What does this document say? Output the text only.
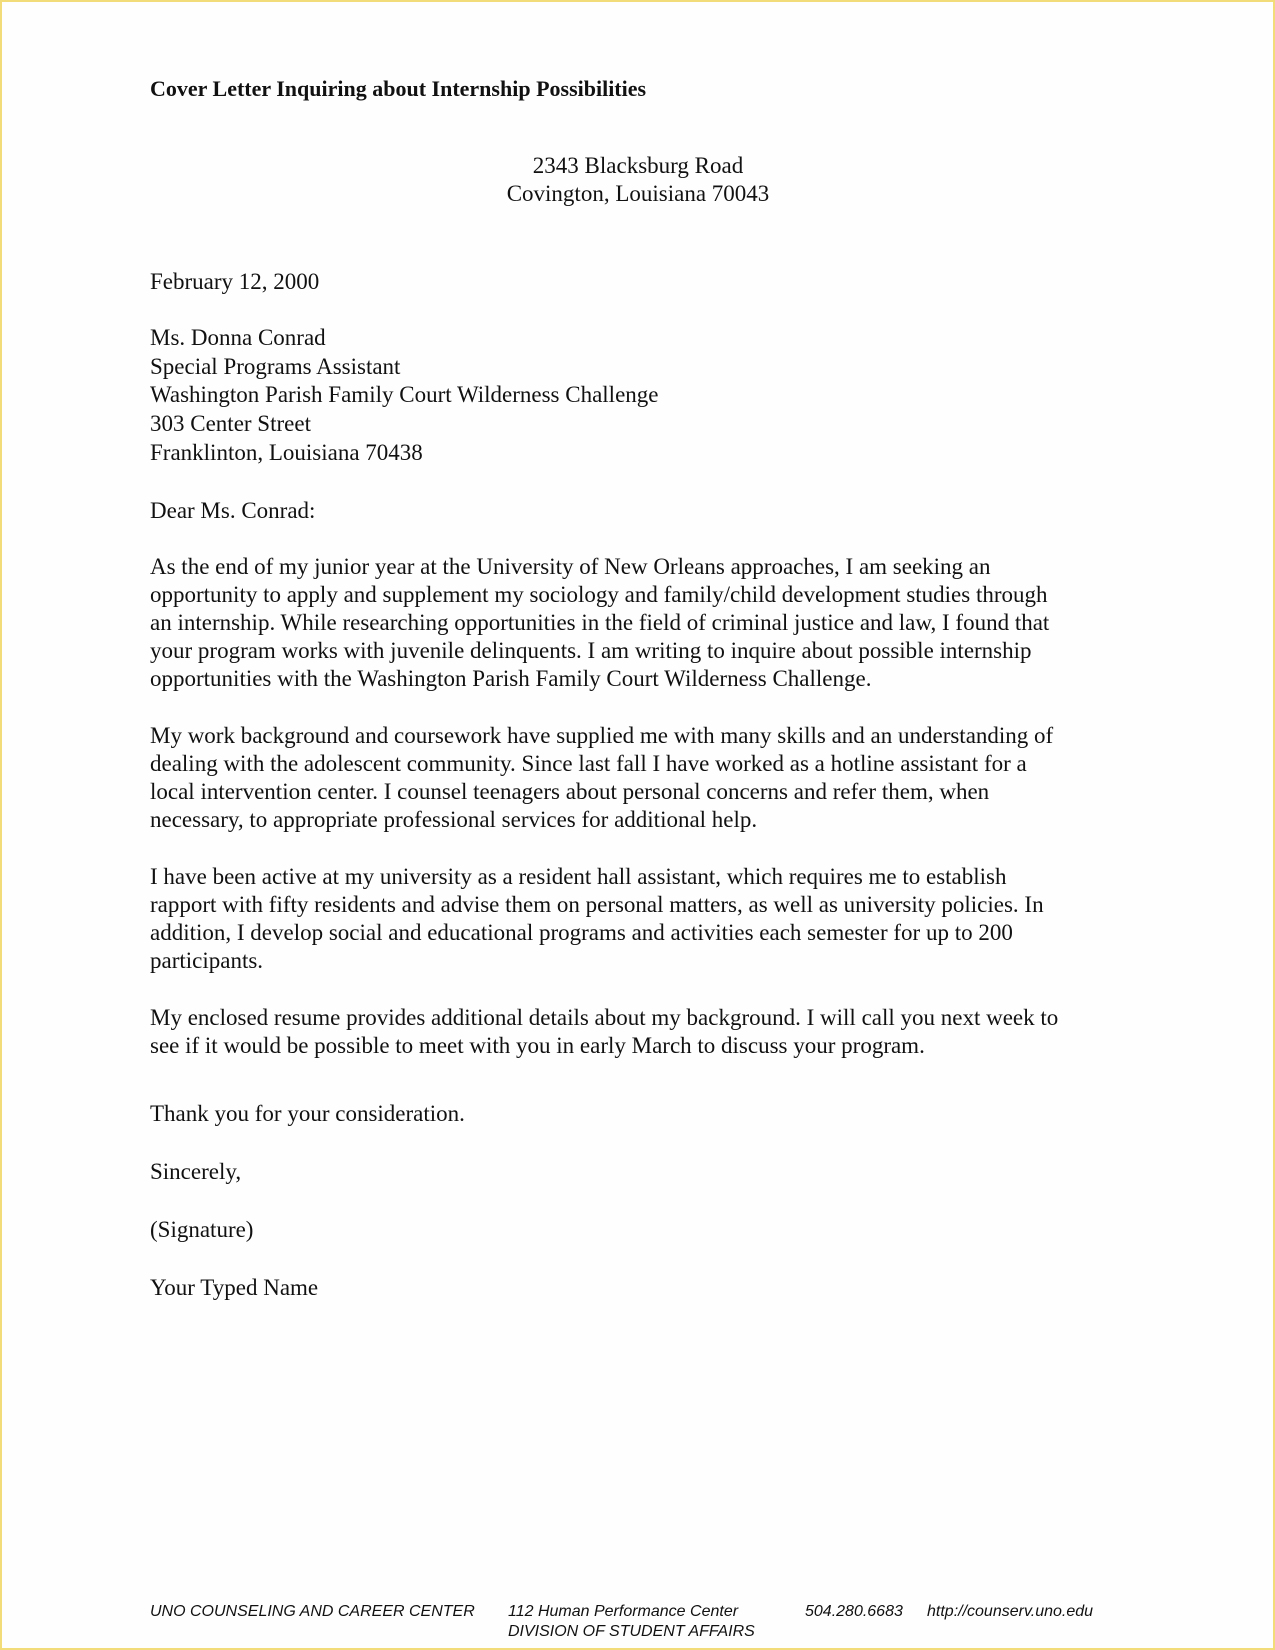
Cover Letter Inquiring about Internship Possibilities
2343 Blacksburg Road
Covington, Louisiana 70043
February 12, 2000
Ms. Donna Conrad
Special Programs Assistant
Washington Parish Family Court Wilderness Challenge
303 Center Street
Franklinton, Louisiana 70438
Dear Ms. Conrad:

As the end of my junior year at the University of New Orleans approaches, I am seeking an opportunity to apply and supplement my sociology and family/child development studies through an internship. While researching opportunities in the field of criminal justice and law, I found that your program works with juvenile delinquents. I am writing to inquire about possible internship opportunities with the Washington Parish Family Court Wilderness Challenge.

My work background and coursework have supplied me with many skills and an understanding of dealing with the adolescent community. Since last fall I have worked as a hotline assistant for a local intervention center. I counsel teenagers about personal concerns and refer them, when necessary, to appropriate professional services for additional help.

I have been active at my university as a resident hall assistant, which requires me to establish rapport with fifty residents and advise them on personal matters, as well as university policies. In addition, I develop social and educational programs and activities each semester for up to 200 participants.

My enclosed resume provides additional details about my background. I will call you next week to see if it would be possible to meet with you in early March to discuss your program.

Thank you for your consideration.

Sincerely,

(Signature)

Your Typed Name

UNO COUNSELING AND CAREER CENTER 112 Human Performance Center	504.280.6683 http://counserv.uno.edu
DIVISION OF STUDENT AFFAIRS
